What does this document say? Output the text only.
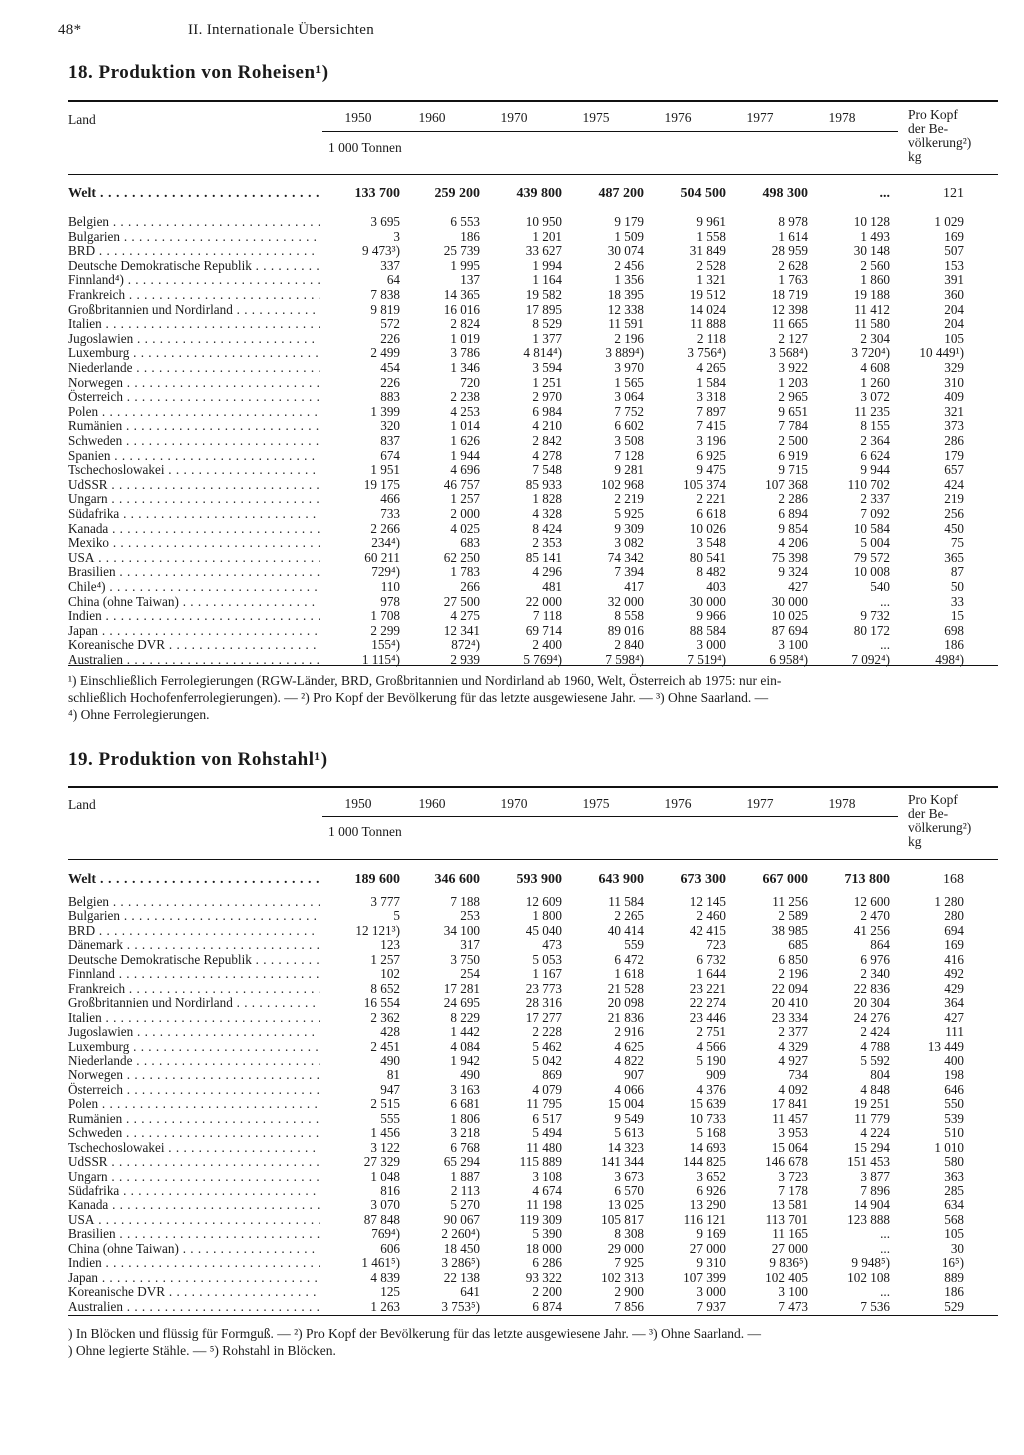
48*	II. Internationale Übersichten
18. Produktion von Roheisen¹)
Land	1950	1960	1970	1975	1976	1977	1978
1 000 Tonnen
Pro Kopf
der Be-
völkerung²)
kg
Welt . . .	133 700	259 200	439 800	487 200	504 500	498 300	...	121
Belgien . . .	3 695	6 553	10 950	9 179	9 961	8 978	10 128	1 029
Bulgarien . . .	3	186	1 201	1 509	1 558	1 614	1 493	169
BRD . . .	9 473³)	25 739	33 627	30 074	31 849	28 959	30 148	507
Deutsche Demokratische Republik . . .	337	1 995	1 994	2 456	2 528	2 628	2 560	153
Finnland⁴) . . .	64	137	1 164	1 356	1 321	1 763	1 860	391
Frankreich . . .	7 838	14 365	19 582	18 395	19 512	18 719	19 188	360
Großbritannien und Nordirland . . .	9 819	16 016	17 895	12 338	14 024	12 398	11 412	204
Italien . . .	572	2 824	8 529	11 591	11 888	11 665	11 580	204
Jugoslawien . . .	226	1 019	1 377	2 196	2 118	2 127	2 304	105
Luxemburg . . .	2 499	3 786	4 814⁴)	3 889⁴)	3 756⁴)	3 568⁴)	3 720⁴)	10 449¹)
Niederlande . . .	454	1 346	3 594	3 970	4 265	3 922	4 608	329
Norwegen . . .	226	720	1 251	1 565	1 584	1 203	1 260	310
Österreich . . .	883	2 238	2 970	3 064	3 318	2 965	3 072	409
Polen . . .	1 399	4 253	6 984	7 752	7 897	9 651	11 235	321
Rumänien . . .	320	1 014	4 210	6 602	7 415	7 784	8 155	373
Schweden . . .	837	1 626	2 842	3 508	3 196	2 500	2 364	286
Spanien . . .	674	1 944	4 278	7 128	6 925	6 919	6 624	179
Tschechoslowakei . . .	1 951	4 696	7 548	9 281	9 475	9 715	9 944	657
UdSSR . . .	19 175	46 757	85 933	102 968	105 374	107 368	110 702	424
Ungarn . . .	466	1 257	1 828	2 219	2 221	2 286	2 337	219
Südafrika . . .	733	2 000	4 328	5 925	6 618	6 894	7 092	256
Kanada . . .	2 266	4 025	8 424	9 309	10 026	9 854	10 584	450
Mexiko . . .	234⁴)	683	2 353	3 082	3 548	4 206	5 004	75
USA . . .	60 211	62 250	85 141	74 342	80 541	75 398	79 572	365
Brasilien . . .	729⁴)	1 783	4 296	7 394	8 482	9 324	10 008	87
Chile⁴) . . .	110	266	481	417	403	427	540	50
China (ohne Taiwan) . . .	978	27 500	22 000	32 000	30 000	30 000	...	33
Indien . . .	1 708	4 275	7 118	8 558	9 966	10 025	9 732	15
Japan . . .	2 299	12 341	69 714	89 016	88 584	87 694	80 172	698
Koreanische DVR . . .	155⁴)	872⁴)	2 400	2 840	3 000	3 100	...	186
Australien . . .	1 115⁴)	2 939	5 769⁴)	7 598⁴)	7 519⁴)	6 958⁴)	7 092⁴)	498⁴)
¹) Einschließlich Ferrolegierungen (RGW-Länder, BRD, Großbritannien und Nordirland ab 1960, Welt, Österreich ab 1975: nur ein-
schließlich Hochofenferrolegierungen). — ²) Pro Kopf der Bevölkerung für das letzte ausgewiesene Jahr. — ³) Ohne Saarland. —
⁴) Ohne Ferrolegierungen.
19. Produktion von Rohstahl¹)
Land	1950	1960	1970	1975	1976	1977	1978
1 000 Tonnen
Pro Kopf
der Be-
völkerung²)
kg
Welt . . .	189 600	346 600	593 900	643 900	673 300	667 000	713 800	168
Belgien . . .	3 777	7 188	12 609	11 584	12 145	11 256	12 600	1 280
Bulgarien . . .	5	253	1 800	2 265	2 460	2 589	2 470	280
BRD . . .	12 121³)	34 100	45 040	40 414	42 415	38 985	41 256	694
Dänemark . . .	123	317	473	559	723	685	864	169
Deutsche Demokratische Republik . . .	1 257	3 750	5 053	6 472	6 732	6 850	6 976	416
Finnland . . .	102	254	1 167	1 618	1 644	2 196	2 340	492
Frankreich . . .	8 652	17 281	23 773	21 528	23 221	22 094	22 836	429
Großbritannien und Nordirland . . .	16 554	24 695	28 316	20 098	22 274	20 410	20 304	364
Italien . . .	2 362	8 229	17 277	21 836	23 446	23 334	24 276	427
Jugoslawien . . .	428	1 442	2 228	2 916	2 751	2 377	2 424	111
Luxemburg . . .	2 451	4 084	5 462	4 625	4 566	4 329	4 788	13 449
Niederlande . . .	490	1 942	5 042	4 822	5 190	4 927	5 592	400
Norwegen . . .	81	490	869	907	909	734	804	198
Österreich . . .	947	3 163	4 079	4 066	4 376	4 092	4 848	646
Polen . . .	2 515	6 681	11 795	15 004	15 639	17 841	19 251	550
Rumänien . . .	555	1 806	6 517	9 549	10 733	11 457	11 779	539
Schweden . . .	1 456	3 218	5 494	5 613	5 168	3 953	4 224	510
Tschechoslowakei . . .	3 122	6 768	11 480	14 323	14 693	15 064	15 294	1 010
UdSSR . . .	27 329	65 294	115 889	141 344	144 825	146 678	151 453	580
Ungarn . . .	1 048	1 887	3 108	3 673	3 652	3 723	3 877	363
Südafrika . . .	816	2 113	4 674	6 570	6 926	7 178	7 896	285
Kanada . . .	3 070	5 270	11 198	13 025	13 290	13 581	14 904	634
USA . . .	87 848	90 067	119 309	105 817	116 121	113 701	123 888	568
Brasilien . . .	769⁴)	2 260⁴)	5 390	8 308	9 169	11 165	...	105
China (ohne Taiwan) . . .	606	18 450	18 000	29 000	27 000	27 000	...	30
Indien . . .	1 461⁵)	3 286⁵)	6 286	7 925	9 310	9 836⁵)	9 948⁵)	16⁵)
Japan . . .	4 839	22 138	93 322	102 313	107 399	102 405	102 108	889
Koreanische DVR . . .	125	641	2 200	2 900	3 000	3 100	...	186
Australien . . .	1 263	3 753⁵)	6 874	7 856	7 937	7 473	7 536	529
) In Blöcken und flüssig für Formguß. — ²) Pro Kopf der Bevölkerung für das letzte ausgewiesene Jahr. — ³) Ohne Saarland. —
) Ohne legierte Stähle. — ⁵) Rohstahl in Blöcken.
